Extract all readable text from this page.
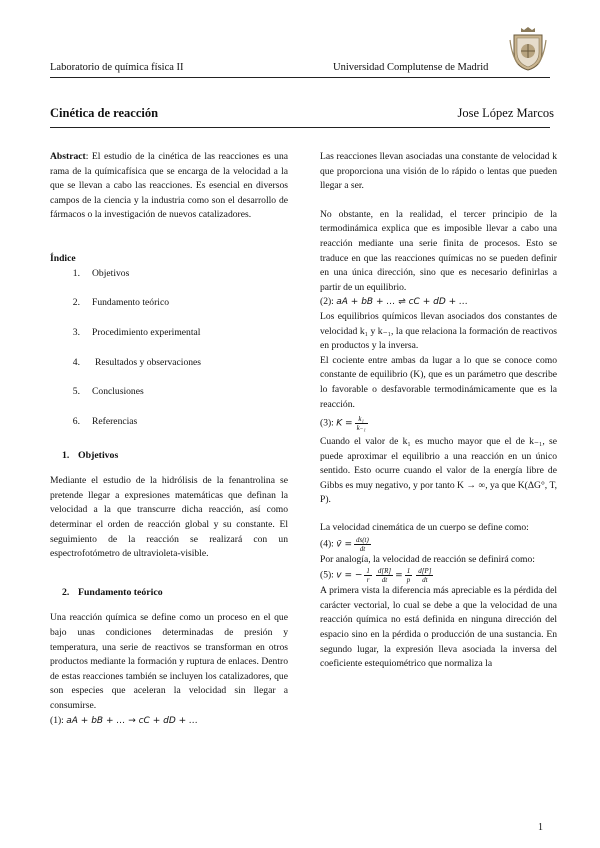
Laboratorio de química física II	Universidad Complutense de Madrid
Cinética de reacción	Jose López Marcos

Abstract: El estudio de la cinética de las reacciones es una rama de la químicafísica que se encarga de la velocidad a la que se llevan a cabo las reacciones. Es esencial en diversos campos de la ciencia y la industria como son el desarrollo de fármacos o la investigación de nuevos catalizadores.

Índice

1. Objetivos
2. Fundamento teórico
3. Procedimiento experimental
4. Resultados y observaciones
5. Conclusiones
6. Referencias

1. Objetivos

Mediante el estudio de la hidrólisis de la fenantrolina se pretende llegar a expresiones matemáticas que definan la velocidad a la que transcurre dicha reacción, así como determinar el orden de reacción global y su constante. El seguimiento de la reacción se realizará con un espectrofotómetro de ultravioleta-visible.

2. Fundamento teórico

Una reacción química se define como un proceso en el que bajo unas condiciones determinadas de presión y temperatura, una serie de reactivos se transforman en otros productos mediante la formación y ruptura de enlaces. Dentro de estas reacciones también se incluyen los catalizadores, que son especies que aceleran la velocidad sin llegar a consumirse.

(1): aA + bB + … → cC + dD + …

Las reacciones llevan asociadas una constante de velocidad k que proporciona una visión de lo rápido o lentas que pueden llegar a ser.

No obstante, en la realidad, el tercer principio de la termodinámica explica que es imposible llevar a cabo una reacción mediante una serie finita de procesos. Esto se traduce en que las reacciones químicas no se pueden definir en una única dirección, sino que es necesario definirlas a partir de un equilibrio.

(2): aA + bB + … ⇌ cC + dD + …

Los equilibrios químicos llevan asociados dos constantes de velocidad k₁ y k₋₁, la que relaciona la formación de reactivos en productos y la inversa.

El cociente entre ambas da lugar a lo que se conoce como constante de equilibrio (K), que es un parámetro que describe lo favorable o desfavorable termodinámicamente que es la reacción.

(3): $K = \frac{\text{k₁}}{\text{k₋₁}}$

Cuando el valor de k₁ es mucho mayor que el de k₋₁, se puede aproximar el equilibrio a una reacción en un único sentido. Esto ocurre cuando el valor de la energía libre de Gibbs es muy negativo, y por tanto K → ∞, ya que K(ΔG°, T, P).

La velocidad cinemática de un cuerpo se define como:

(4): v̄ = $\frac{ds(t)}{dt}$

Por analogía, la velocidad de reacción se definirá como:

(5): v = − $\frac{1}{r} \frac{d[R]}{dt} = \frac{1}{p} \frac{d[P]}{dt}$

A primera vista la diferencia más apreciable es la pérdida del carácter vectorial, lo cual se debe a que la velocidad de una reacción química no está definida en ninguna dirección del espacio sino en la pérdida o producción de una sustancia. En segundo lugar, la expresión lleva asociada la inversa del coeficiente estequiométrico que normaliza la

1
